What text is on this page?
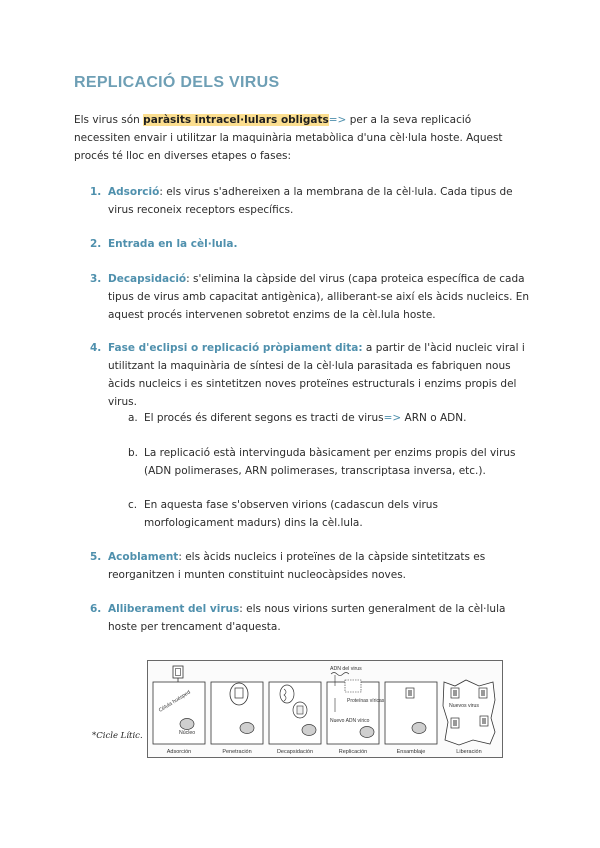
REPLICACIÓ DELS VIRUS

Els virus són paràsits intracel·lulars obligats=> per a la seva replicació necessiten envair i utilitzar la maquinària metabòlica d'una cèl·lula hoste. Aquest procés té lloc en diverses etapes o fases:

1. Adsorció: els virus s'adhereixen a la membrana de la cèl·lula. Cada tipus de virus reconeix receptors específics.
2. Entrada en la cèl·lula.
3. Decapsidació: s'elimina la càpside del virus (capa proteica específica de cada tipus de virus amb capacitat antigènica), alliberant-se així els àcids nucleics. En aquest procés intervenen sobretot enzims de la cèl.lula hoste.
4. Fase d'eclipsi o replicació pròpiament dita: a partir de l'àcid nucleic viral i utilitzant la maquinària de síntesi de la cèl·lula parasitada es fabriquen nous àcids nucleics i es sintetitzen noves proteïnes estructurals i enzims propis del virus.
a. El procés és diferent segons es tracti de virus=> ARN o ADN.
b. La replicació està intervinguda bàsicament per enzims propis del virus (ADN polimerases, ARN polimerases, transcriptasa inversa, etc.).
c. En aquesta fase s'observen virions (cadascun dels virus morfologicament madurs) dins la cèl.lula.
5. Acoblament: els àcids nucleics i proteïnes de la càpside sintetitzats es reorganitzen i munten constituint nucleocàpsides noves.
6. Alliberament del virus: els nous virions surten generalment de la cèl·lula hoste per trencament d'aquesta.

*Cicle Lític.

Célula huésped
Núcleo
ADN del virus
Proteínas víricas
Nuevo ADN vírico
Nuevos virus
Adsorción	Penetración	Decapsidación	Replicación	Ensamblaje	Liberación
